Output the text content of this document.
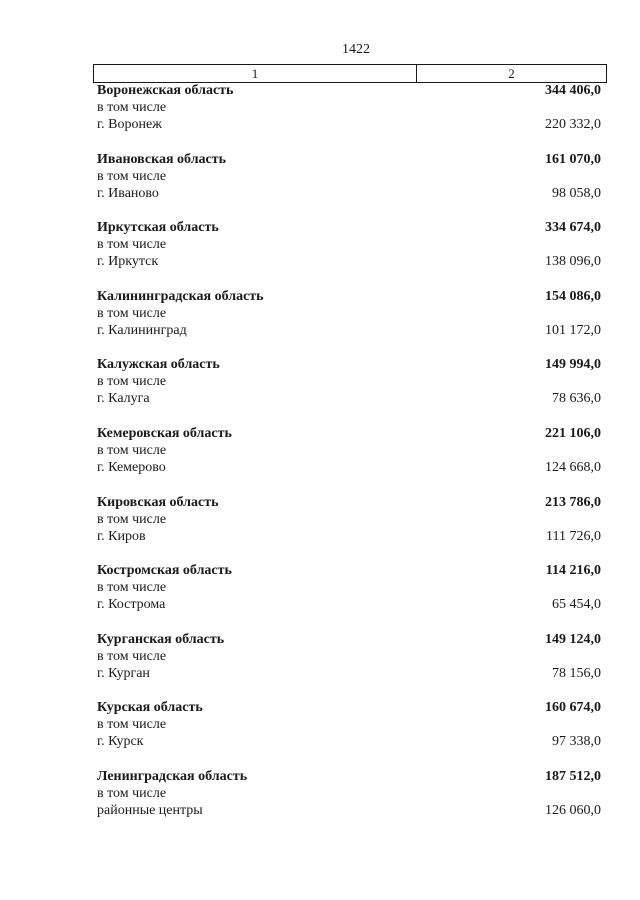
1422
1	2
Воронежская область	344 406,0
в том числе
г. Воронеж	220 332,0
Ивановская область	161 070,0
в том числе
г. Иваново	98 058,0
Иркутская область	334 674,0
в том числе
г. Иркутск	138 096,0
Калининградская область	154 086,0
в том числе
г. Калининград	101 172,0
Калужская область	149 994,0
в том числе
г. Калуга	78 636,0
Кемеровская область	221 106,0
в том числе
г. Кемерово	124 668,0
Кировская область	213 786,0
в том числе
г. Киров	111 726,0
Костромская область	114 216,0
в том числе
г. Кострома	65 454,0
Курганская область	149 124,0
в том числе
г. Курган	78 156,0
Курская область	160 674,0
в том числе
г. Курск	97 338,0
Ленинградская область	187 512,0
в том числе
районные центры	126 060,0
